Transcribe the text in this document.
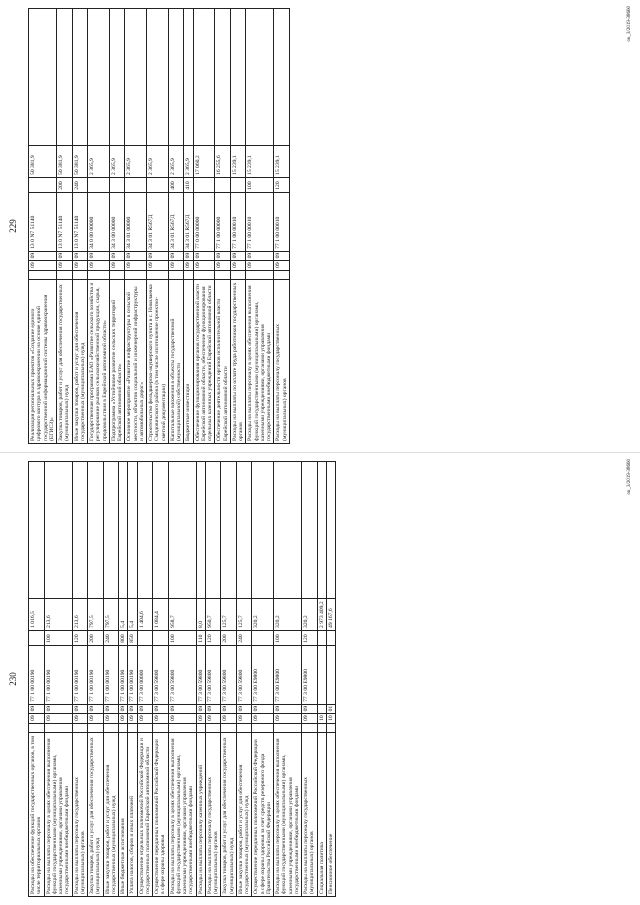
229
Реализация региональных проектов «Создание единого цифрового контура в здравоохранении на основе единой государственной информационной системы здравоохранения (ЕГИСЗ)»		09	09	13 0 N7 51140		50 381,9	
Закупка товаров, работ и услуг для обеспечения государственных (муниципальных) нужд		09	09	13 0 N7 51140	200	50 381,9	
Иные закупки товаров, работ и услуг для обеспечения государственных (муниципальных) нужд		09	09	13 0 N7 51140	240	50 381,9	
Государственная программа ЕАО «Развитие сельского хозяйства и регулирование рынков сельскохозяйственной продукции, сырья, продовольствия в Еврейской автономной области»		09	09	34 0 00 00000		2 365,9	
Подпрограмма «Устойчивое развитие сельских территорий Еврейской автономной области»		09	09	34 3 00 00000		2 365,9	
Основное мероприятие «Развитие инфраструктуры в сельской местности, объектов социальной и инженерной инфраструктуры и автомобильных дорог»		09	09	34 3 01 00000		2 365,9	
Строительство фельдшерско-акушерского пункта в с. Николаевка Смидовичского района (в том числе изготовление проектно-сметной документации)		09	09	34 3 01 R567Д		2 365,9	
Капитальные вложения в объекты государственной (муниципальной) собственности		09	09	34 3 01 R567Д	400	2 365,9	
Бюджетные инвестиции		09	09	34 3 01 R567Д	410	2 365,9	
Обеспечение функционирования органов государственной власти Еврейской автономной области, обеспечение функционирования отдельных казенных учреждений Еврейской автономной области		09	09	77 0 00 00000		17 060,2	
Обеспечение деятельности органов исполнительной власти Еврейской автономной области		09	09	77 1 00 00000		16 255,6	
Расходы на выплаты по оплате труда работников государственных органов		09	09	77 1 00 00010		15 239,1	
Расходы на выплаты персоналу в целях обеспечения выполнения функций государственными (муниципальными) органами, казенными учреждениями, органами управления государственными внебюджетными фондами		09	09	77 1 00 00010	100	15 239,1	
Расходы на выплаты персоналу государственных (муниципальных) органов		09	09	77 1 00 00010	120	15 239,1	
ок_3/2019-38660
230
Расходы на обеспечение функций государственных органов, в том числе территориальных органов		09	09	77 1 00 00190		1 016,5	
Расходы на выплаты персоналу в целях обеспечения выполнения функций государственными (муниципальными) органами, казенными учреждениями, органами управления государственными внебюджетными фондами		09	09	77 1 00 00190	100	213,6	
Расходы на выплаты персоналу государственных (муниципальных) органов		09	09	77 1 00 00190	120	213,6	
Закупка товаров, работ и услуг для обеспечения государственных (муниципальных) нужд		09	09	77 1 00 00190	200	797,5	
Иные закупки товаров, работ и услуг для обеспечения государственных (муниципальных) нужд		09	09	77 1 00 00190	240	797,5	
Иные бюджетные ассигнования		09	09	77 1 00 00190	800	5,4	
Уплата налогов, сборов и иных платежей		09	09	77 1 00 00190	850	5,4	
Осуществление отдельных полномочий Российской Федерации и государственных полномочий Еврейской автономной области		09	09	77 3 00 00000		1 404,6	
Осуществление переданных полномочий Российской Федерации в сфере охраны здоровья		09	09	77 3 00 59800		1 084,4	
Расходы на выплаты персоналу в целях обеспечения выполнения функций государственными (муниципальными) органами, казенными учреждениями, органами управления государственными внебюджетными фондами		09	09	77 3 00 59800	100	958,7	
Расходы на выплаты персоналу казенных учреждений		09	09	77 3 00 59800	110	8,0	
Расходы на выплаты персоналу государственных (муниципальных) органов		09	09	77 3 00 59800	120	950,7	
Закупка товаров, работ и услуг для обеспечения государственных (муниципальных) нужд		09	09	77 3 00 59800	200	125,7	
Иные закупки товаров, работ и услуг для обеспечения государственных (муниципальных) нужд		09	09	77 3 00 59800	240	125,7	
Осуществление переданных полномочий Российской Федерации в сфере охраны здоровья за счет средств резервного фонда Правительства Российской Федерации		09	09	77 3 00 E9800		320,2	
Расходы на выплаты персоналу в целях обеспечения выполнения функций государственными (муниципальными) органами, казенными учреждениями, органами управления государственными внебюджетными фондами		09	09	77 3 00 E9800	100	320,2	
Расходы на выплаты персоналу государственных (муниципальных) органов		09	09	77 3 00 E9800	120	320,2	
Социальная политика		10				2 973 409,2	
Пенсионное обеспечение		10	01			49 167,6	
ок_3/2019-38660
